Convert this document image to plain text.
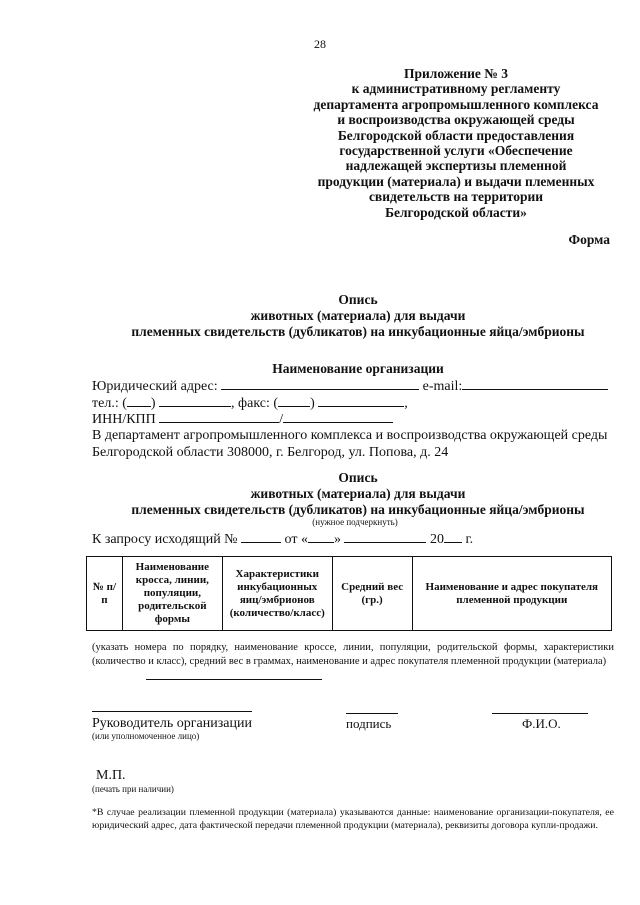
28
Приложение № 3
к административному регламенту
департамента агропромышленного комплекса
и воспроизводства окружающей среды
Белгородской области предоставления
государственной услуги «Обеспечение
надлежащей экспертизы племенной
продукции (материала) и выдачи племенных
свидетельств на территории
Белгородской области»
Форма
Опись
животных (материала) для выдачи
племенных свидетельств (дубликатов) на инкубационные яйца/эмбрионы
Наименование организации
Юридический адрес:	e-mail:
тел.: ( )	, факс: ( )	,
ИНН/КПП	/
В департамент агропромышленного комплекса и воспроизводства окружающей среды
Белгородской области 308000, г. Белгород, ул. Попова, д. 24
Опись
животных (материала) для выдачи
племенных свидетельств (дубликатов) на инкубационные яйца/эмбрионы
(нужное подчеркнуть)
К запросу исходящий №	от « »	20 г.
№ п/п	Наименование кросса, линии, популяции, родительской формы	Характеристики инкубационных яиц/эмбрионов (количество/класс)	Средний вес (гр.)	Наименование и адрес покупателя племенной продукции
(указать номера по порядку, наименование кроссе, линии, популяции, родительской формы, характеристики (количество и класс), средний вес в граммах, наименование и адрес покупателя племенной продукции (материала)
Руководитель организации
(или уполномоченное лицо)
подпись	Ф.И.О.
М.П.
(печать при наличии)
*В случае реализации племенной продукции (материала) указываются данные: наименование организации-покупателя, ее юридический адрес, дата фактической передачи племенной продукции (материала), реквизиты договора купли-продажи.
